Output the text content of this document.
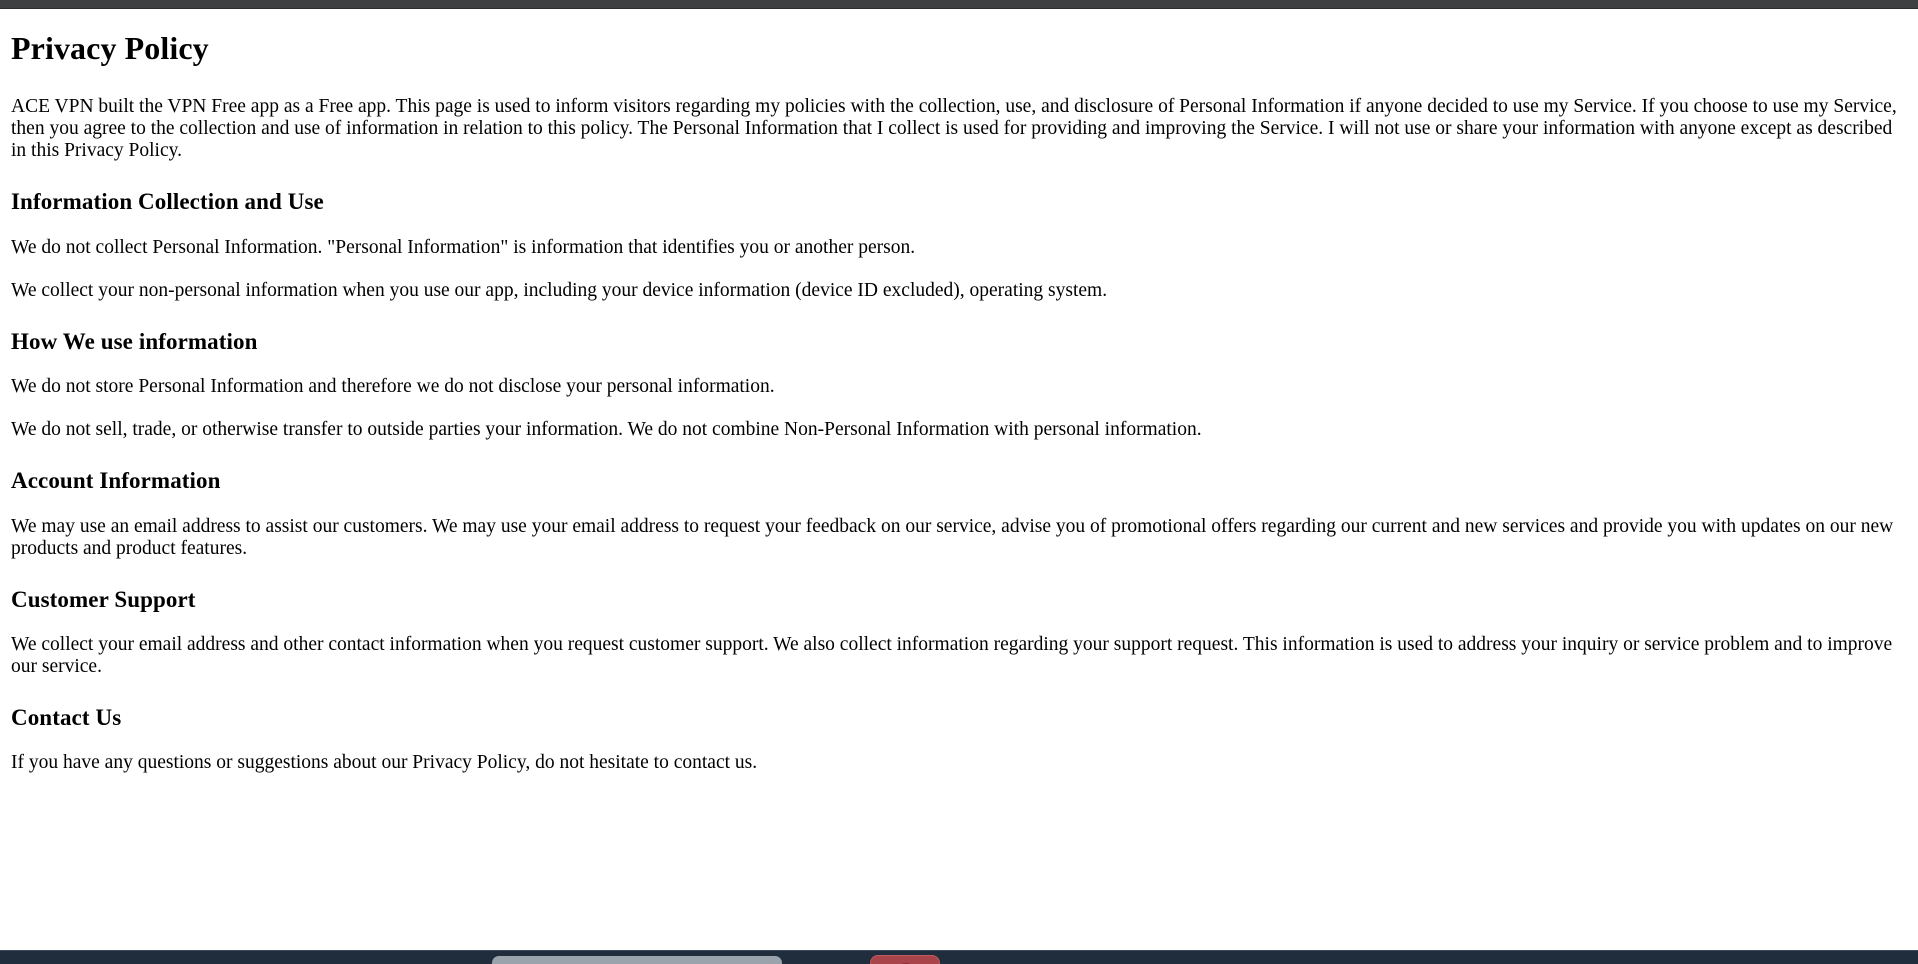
Privacy Policy

ACE VPN built the VPN Free app as a Free app. This page is used to inform visitors regarding my policies with the collection, use, and disclosure of Personal Information if anyone decided to use my Service. If you choose to use my Service, then you agree to the collection and use of information in relation to this policy. The Personal Information that I collect is used for providing and improving the Service. I will not use or share your information with anyone except as described in this Privacy Policy.

Information Collection and Use

We do not collect Personal Information. "Personal Information" is information that identifies you or another person.

We collect your non-personal information when you use our app, including your device information (device ID excluded), operating system.

How We use information

We do not store Personal Information and therefore we do not disclose your personal information.

We do not sell, trade, or otherwise transfer to outside parties your information. We do not combine Non-Personal Information with personal information.

Account Information

We may use an email address to assist our customers. We may use your email address to request your feedback on our service, advise you of promotional offers regarding our current and new services and provide you with updates on our new products and product features.

Customer Support

We collect your email address and other contact information when you request customer support. We also collect information regarding your support request. This information is used to address your inquiry or service problem and to improve our service.

Contact Us

If you have any questions or suggestions about our Privacy Policy, do not hesitate to contact us.
